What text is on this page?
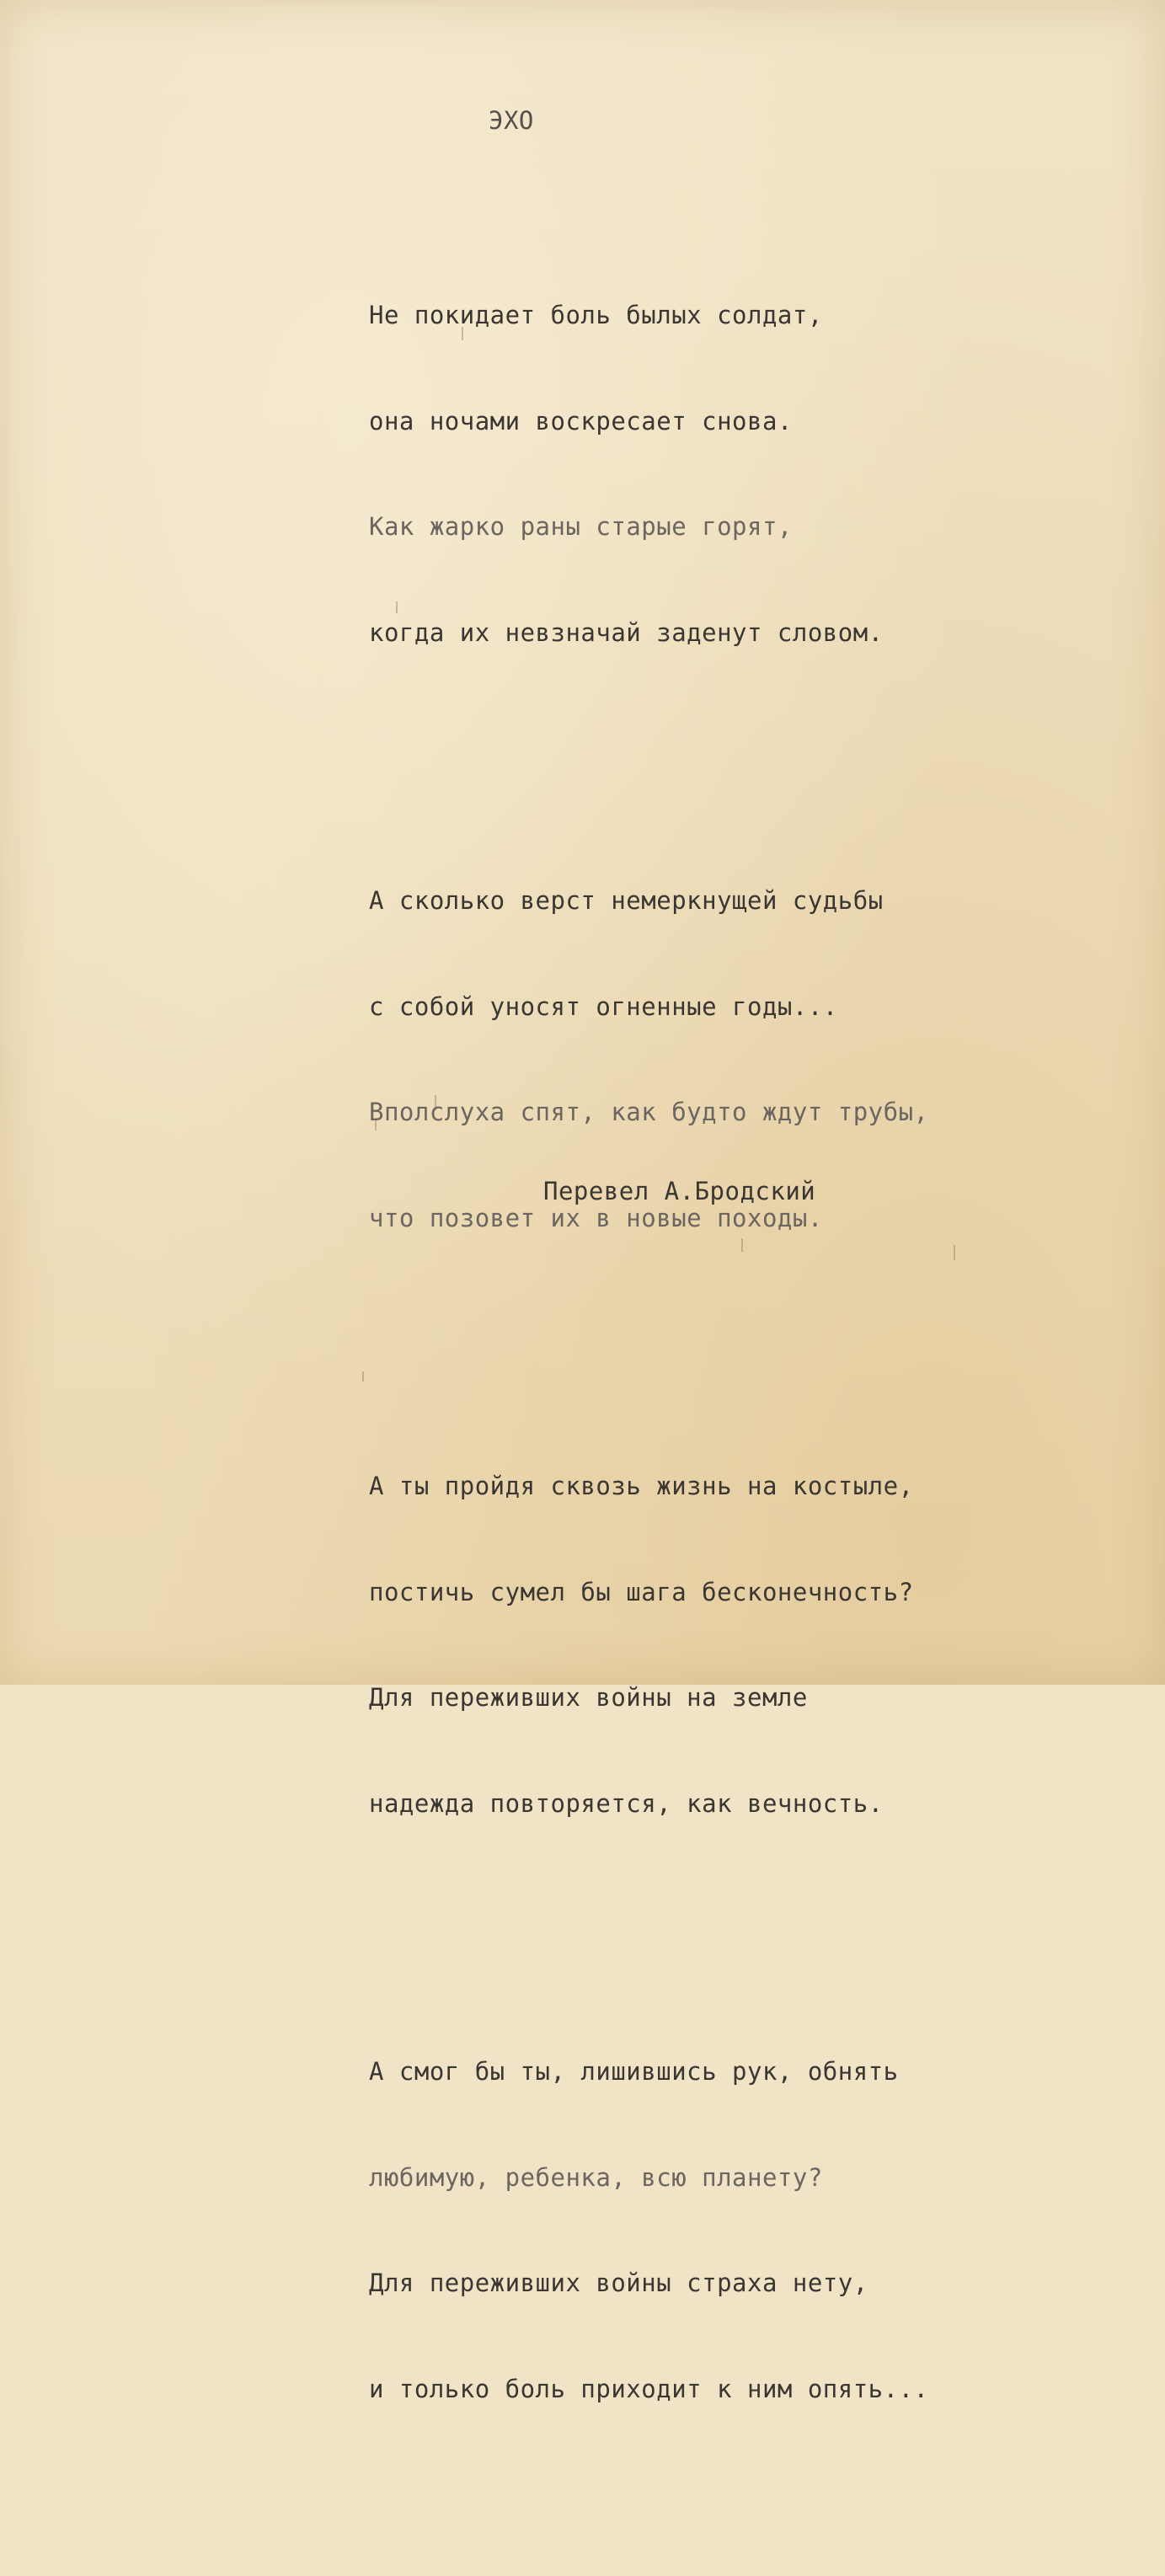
ЭХО

Не покидает боль былых солдат,

она ночами воскресает снова.

Как жарко раны старые горят,

когда их невзначай заденут словом.

А сколько верст немеркнущей судьбы

с собой уносят огненные годы...

Вполслуха спят, как будто ждут трубы,

что позовет их в новые походы.

А ты пройдя сквозь жизнь на костыле,

постичь сумел бы шага бесконечность?

Для переживших войны на земле

надежда повторяется, как вечность.

А смог бы ты, лишившись рук, обнять

любимую, ребенка, всю планету?

Для переживших войны страха нету,

и только боль приходит к ним опять...

Перевел А.Бродский
